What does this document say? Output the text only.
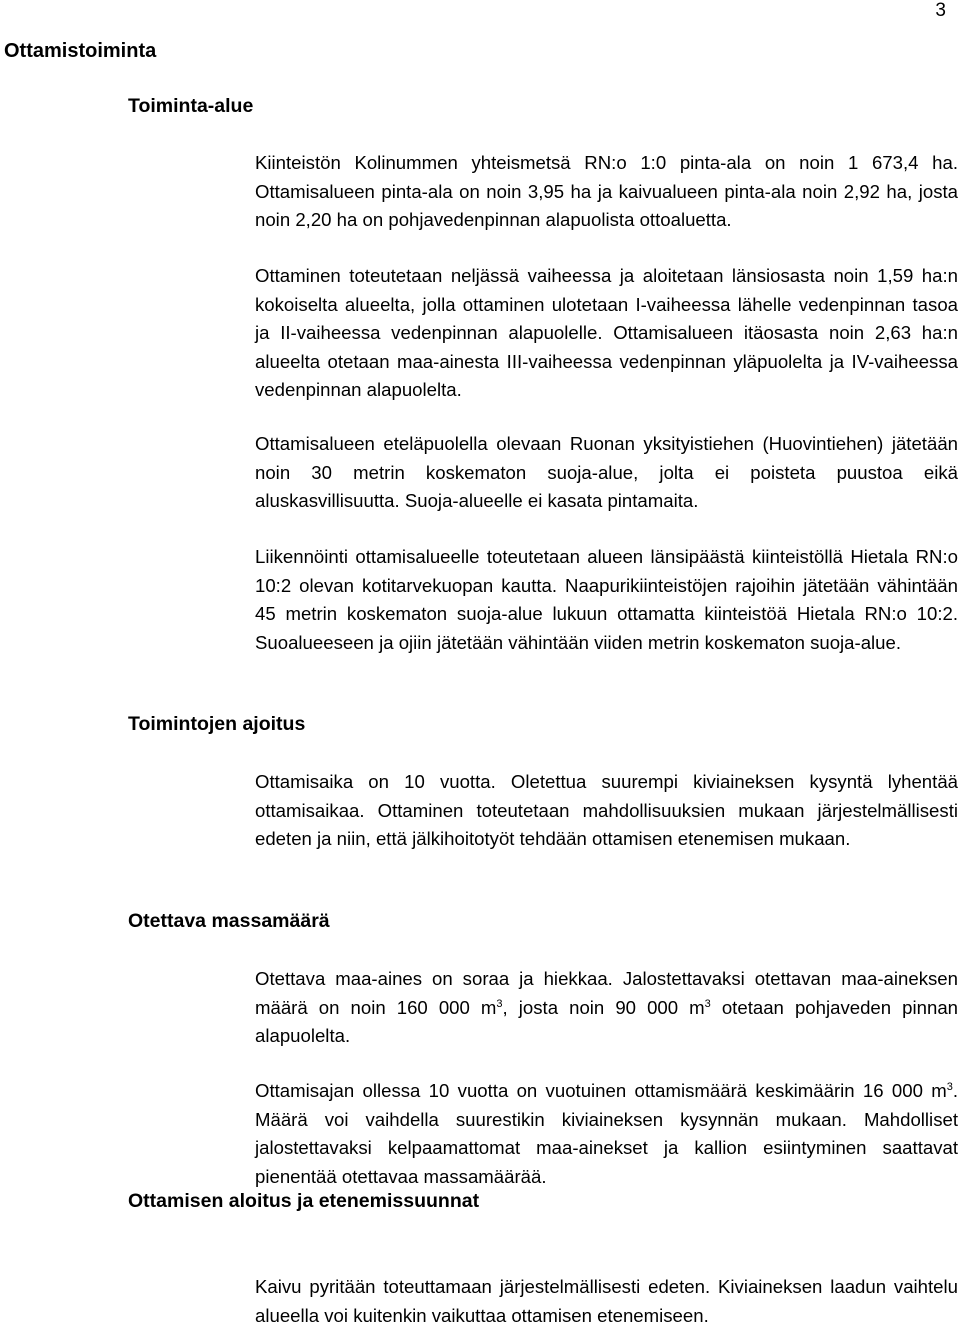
3
Ottamistoiminta
Toiminta-alue

Kiinteistön Kolinummen yhteismetsä RN:o 1:0 pinta-ala on noin 1 673,4 ha. Ottamisalueen pinta-ala on noin 3,95 ha ja kaivualueen pinta-ala noin 2,92 ha, josta noin 2,20 ha on pohjavedenpinnan alapuolista ottoaluetta.

Ottaminen toteutetaan neljässä vaiheessa ja aloitetaan länsiosasta noin 1,59 ha:n kokoiselta alueelta, jolla ottaminen ulotetaan I-vaiheessa lähelle vedenpinnan tasoa ja II-vaiheessa vedenpinnan alapuolelle. Ottamisalueen itäosasta noin 2,63 ha:n alueelta otetaan maa-ainesta III-vaiheessa vedenpinnan yläpuolelta ja IV-vaiheessa vedenpinnan alapuolelta.

Ottamisalueen eteläpuolella olevaan Ruonan yksityistiehen (Huovintiehen) jätetään noin 30 metrin koskematon suoja-alue, jolta ei poisteta puustoa eikä aluskasvillisuutta. Suoja-alueelle ei kasata pintamaita.

Liikennöinti ottamisalueelle toteutetaan alueen länsipäästä kiinteistöllä Hietala RN:o 10:2 olevan kotitarvekuopan kautta. Naapurikiinteistöjen rajoihin jätetään vähintään 45 metrin koskematon suoja-alue lukuun ottamatta kiinteistöä Hietala RN:o 10:2. Suoalueeseen ja ojiin jätetään vähintään viiden metrin koskematon suoja-alue.

Toimintojen ajoitus

Ottamisaika on 10 vuotta. Oletettua suurempi kiviaineksen kysyntä lyhentää ottamisaikaa. Ottaminen toteutetaan mahdollisuuksien mukaan järjestelmällisesti edeten ja niin, että jälkihoitotyöt tehdään ottamisen etenemisen mukaan.

Otettava massamäärä

Otettava maa-aines on soraa ja hiekkaa. Jalostettavaksi otettavan maa-aineksen määrä on noin 160 000 $m^3$, josta noin 90 000 $m^3$ otetaan pohjaveden pinnan alapuolelta.

Ottamisajan ollessa 10 vuotta on vuotuinen ottamismäärä keskimäärin 16 000 $m^3$. Määrä voi vaihdella suurestikin kiviaineksen kysynnän mukaan. Mahdolliset jalostettavaksi kelpaamattomat maa-ainekset ja kallion esiintyminen saattavat pienentää otettavaa massamäärää.

Ottamisen aloitus ja etenemissuunnat

Kaivu pyritään toteuttamaan järjestelmällisesti edeten. Kiviaineksen laadun vaihtelu alueella voi kuitenkin vaikuttaa ottamisen etenemiseen.
